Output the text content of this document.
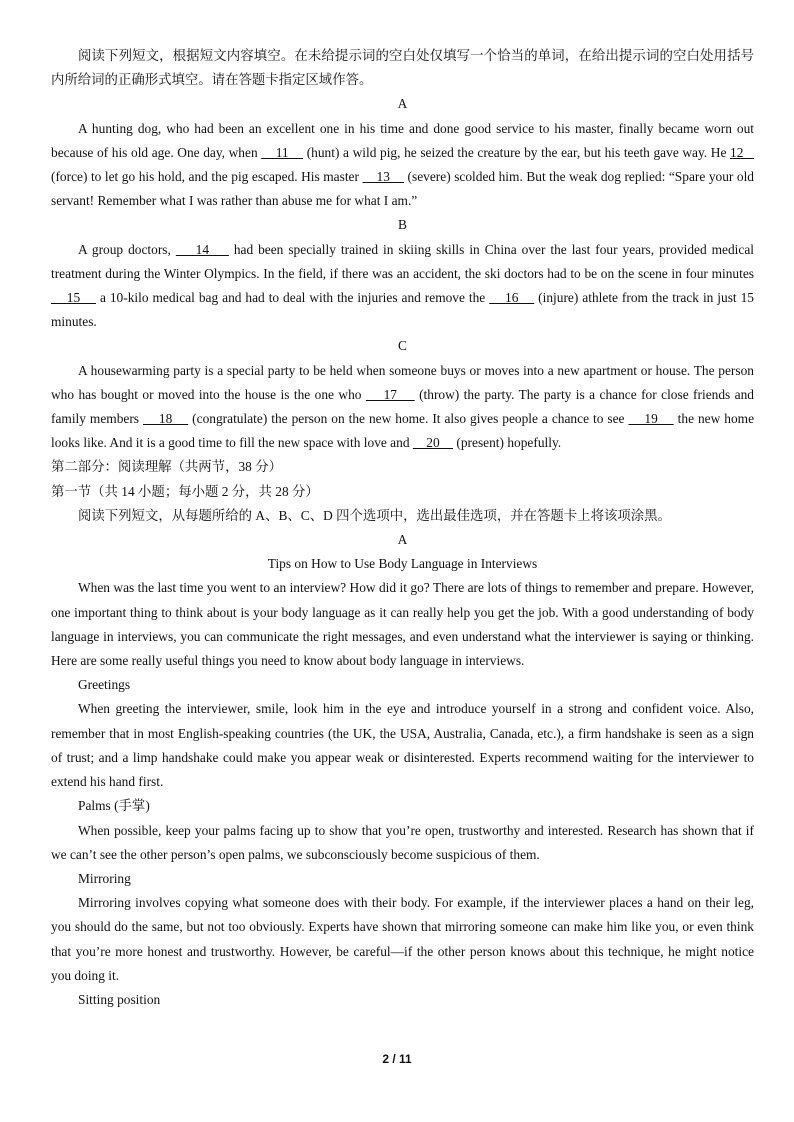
阅读下列短文，根据短文内容填空。在未给提示词的空白处仅填写一个恰当的单词，在给出提示词的空白处用括号内所给词的正确形式填空。请在答题卡指定区域作答。

A

A hunting dog, who had been an excellent one in his time and done good service to his master, finally became worn out because of his old age. One day, when     11     (hunt) a wild pig, he seized the creature by the ear, but his teeth gave way. He 12    (force) to let go his hold, and the pig escaped. His master     13     (severe) scolded him. But the weak dog replied: “Spare your old servant! Remember what I was rather than abuse me for what I am.”

B

A group doctors,     14     had been specially trained in skiing skills in China over the last four years, provided medical treatment during the Winter Olympics. In the field, if there was an accident, the ski doctors had to be on the scene in four minutes     15     a 10-kilo medical bag and had to deal with the injuries and remove the     16     (injure) athlete from the track in just 15 minutes.

C

A housewarming party is a special party to be held when someone buys or moves into a new apartment or house. The person who has bought or moved into the house is the one who     17     (throw) the party. The party is a chance for close friends and family members     18     (congratulate) the person on the new home. It also gives people a chance to see     19     the new home looks like. And it is a good time to fill the new space with love and     20     (present) hopefully.

第二部分：阅读理解（共两节，38 分）

第一节（共 14 小题；每小题 2 分，共 28 分）

阅读下列短文，从每题所给的 A、B、C、D 四个选项中，选出最佳选项，并在答题卡上将该项涂黑。

A

Tips on How to Use Body Language in Interviews

When was the last time you went to an interview? How did it go? There are lots of things to remember and prepare. However, one important thing to think about is your body language as it can really help you get the job. With a good understanding of body language in interviews, you can communicate the right messages, and even understand what the interviewer is saying or thinking. Here are some really useful things you need to know about body language in interviews.

Greetings

When greeting the interviewer, smile, look him in the eye and introduce yourself in a strong and confident voice. Also, remember that in most English-speaking countries (the UK, the USA, Australia, Canada, etc.), a firm handshake is seen as a sign of trust; and a limp handshake could make you appear weak or disinterested. Experts recommend waiting for the interviewer to extend his hand first.

Palms (手掌)

When possible, keep your palms facing up to show that you’re open, trustworthy and interested. Research has shown that if we can’t see the other person’s open palms, we subconsciously become suspicious of them.

Mirroring

Mirroring involves copying what someone does with their body. For example, if the interviewer places a hand on their leg, you should do the same, but not too obviously. Experts have shown that mirroring someone can make him like you, or even think that you’re more honest and trustworthy. However, be careful—if the other person knows about this technique, he might notice you doing it.

Sitting position

2 / 11
